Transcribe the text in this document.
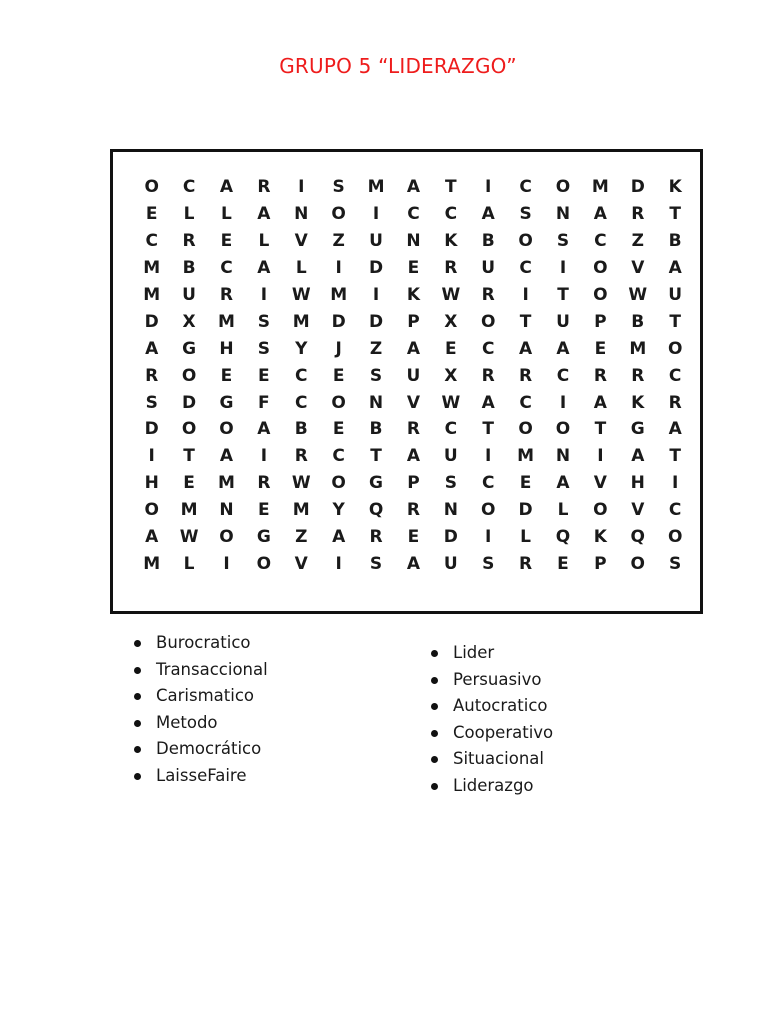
GRUPO 5 “LIDERAZGO”
O	C	A	R	I	S	M	A	T	I	C	O	M	D	K
E	L	L	A	N	O	I	C	C	A	S	N	A	R	T
C	R	E	L	V	Z	U	N	K	B	O	S	C	Z	B
M	B	C	A	L	I	D	E	R	U	C	I	O	V	A
M	U	R	I	W	M	I	K	W	R	I	T	O	W	U
D	X	M	S	M	D	D	P	X	O	T	U	P	B	T
A	G	H	S	Y	J	Z	A	E	C	A	A	E	M	O
R	O	E	E	C	E	S	U	X	R	R	C	R	R	C
S	D	G	F	C	O	N	V	W	A	C	I	A	K	R
D	O	O	A	B	E	B	R	C	T	O	O	T	G	A
I	T	A	I	R	C	T	A	U	I	M	N	I	A	T
H	E	M	R	W	O	G	P	S	C	E	A	V	H	I
O	M	N	E	M	Y	Q	R	N	O	D	L	O	V	C
A	W	O	G	Z	A	R	E	D	I	L	Q	K	Q	O
M	L	I	O	V	I	S	A	U	S	R	E	P	O	S
Burocratico
Transaccional
Carismatico
Metodo
Democrático
LaisseFaire
Lider
Persuasivo
Autocratico
Cooperativo
Situacional
Liderazgo
